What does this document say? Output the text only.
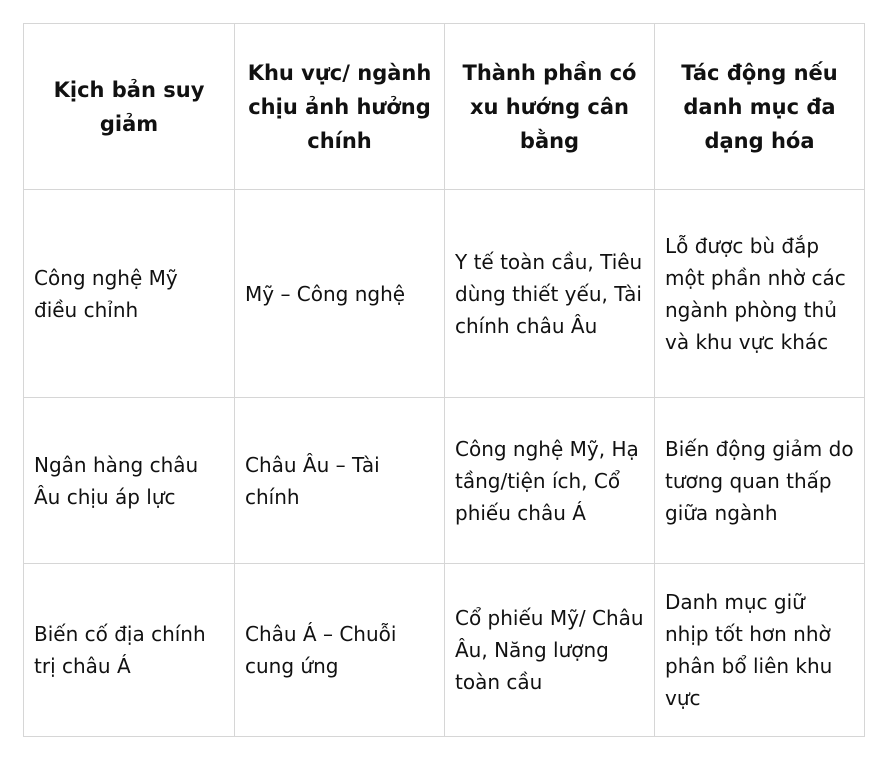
Kịch bản suy giảm	Khu vực/ ngành chịu ảnh hưởng chính	Thành phần có xu hướng cân bằng	Tác động nếu danh mục đa dạng hóa
Công nghệ Mỹ điều chỉnh	Mỹ – Công nghệ	Y tế toàn cầu, Tiêu dùng thiết yếu, Tài chính châu Âu	Lỗ được bù đắp một phần nhờ các ngành phòng thủ và khu vực khác
Ngân hàng châu Âu chịu áp lực	Châu Âu – Tài chính	Công nghệ Mỹ, Hạ tầng/tiện ích, Cổ phiếu châu Á	Biến động giảm do tương quan thấp giữa ngành
Biến cố địa chính trị châu Á	Châu Á – Chuỗi cung ứng	Cổ phiếu Mỹ/ Châu Âu, Năng lượng toàn cầu	Danh mục giữ nhịp tốt hơn nhờ phân bổ liên khu vực
